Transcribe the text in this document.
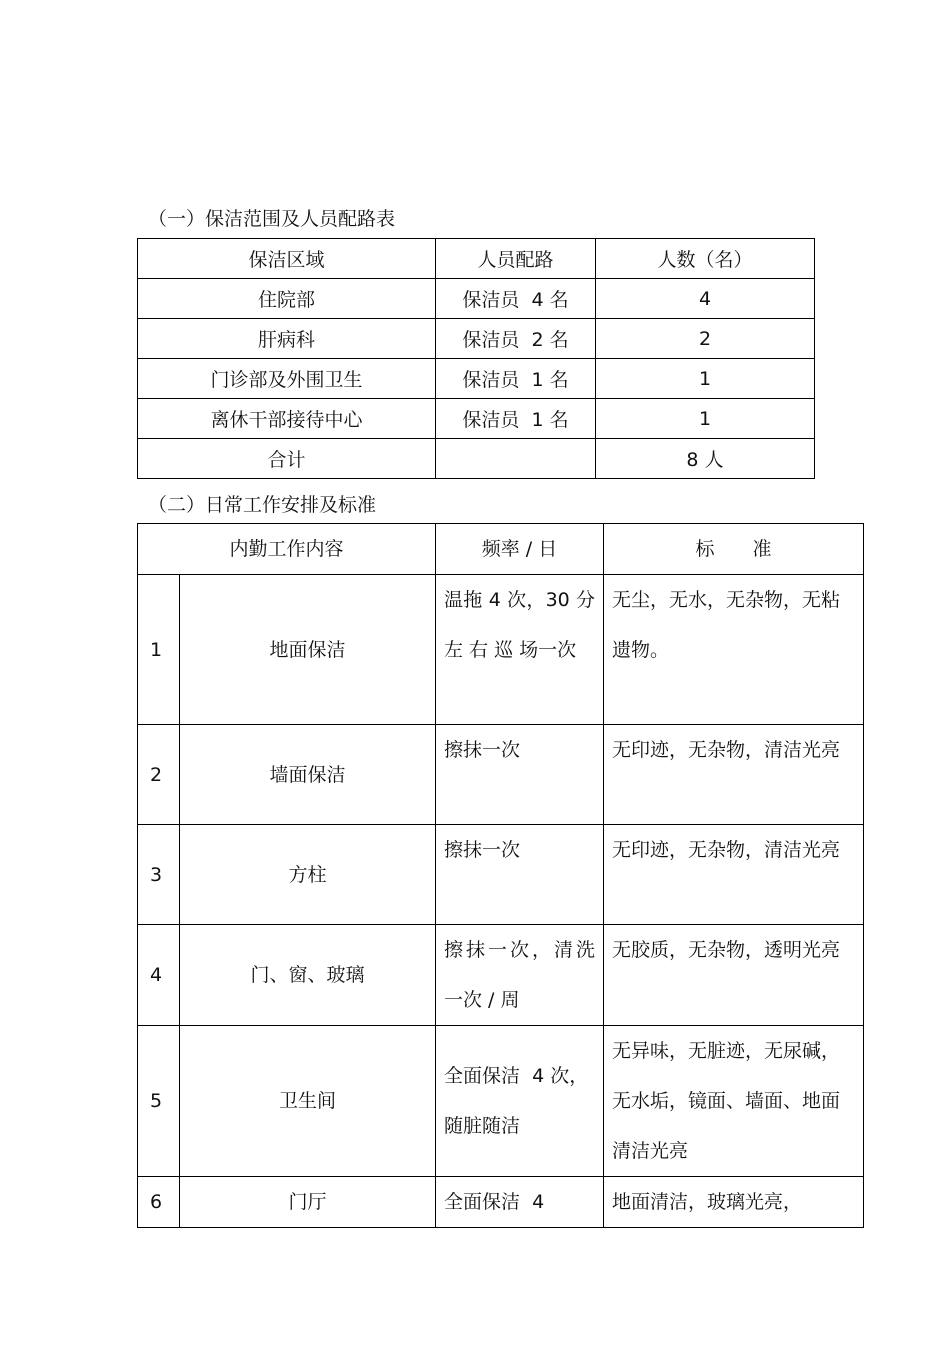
（一）保洁范围及人员配路表
保洁区域	人员配路	人数（名）
住院部	保洁员  4 名	4
肝病科	保洁员  2 名	2
门诊部及外围卫生	保洁员  1 名	1
离休干部接待中心	保洁员  1 名	1
合计		8 人
（二）日常工作安排及标准
内勤工作内容		频率 / 日	标　　准
1	地面保洁	温拖 4 次，30 分 左 右 巡 场一次	无尘，无水，无杂物，无粘遗物。
2	墙面保洁	擦抹一次	无印迹，无杂物，清洁光亮
3	方柱	擦抹一次	无印迹，无杂物，清洁光亮
4	门、窗、玻璃	擦抹一次，清洗一次 / 周	无胶质，无杂物，透明光亮
5	卫生间	全面保洁  4 次，随脏随洁	无异味，无脏迹，无尿碱，无水垢，镜面、墙面、地面清洁光亮
6	门厅	全面保洁  4	地面清洁，玻璃光亮，
